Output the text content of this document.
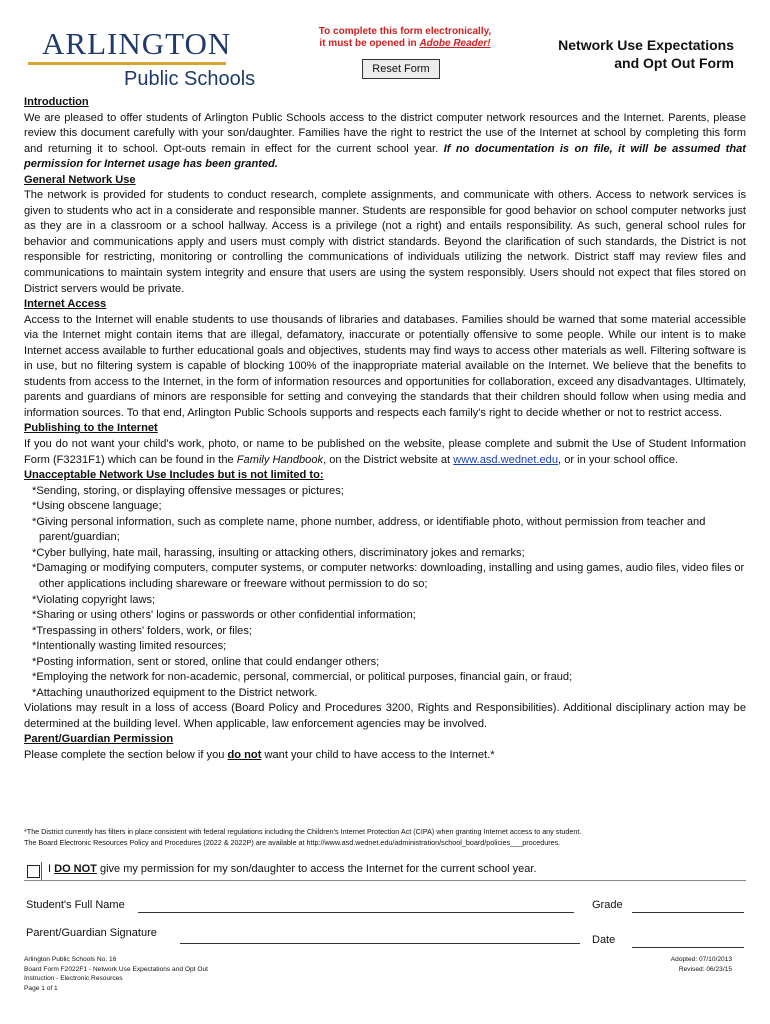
ARLINGTON
Public Schools
To complete this form electronically,
it must be opened in Adobe Reader!
Reset Form
Network Use Expectations
and Opt Out Form
Introduction

We are pleased to offer students of Arlington Public Schools access to the district computer network resources and the Internet. Parents, please review this document carefully with your son/daughter. Families have the right to restrict the use of the Internet at school by completing this form and returning it to school. Opt-outs remain in effect for the current school year. If no documentation is on file, it will be assumed that permission for Internet usage has been granted.

General Network Use

The network is provided for students to conduct research, complete assignments, and communicate with others. Access to network services is given to students who act in a considerate and responsible manner. Students are responsible for good behavior on school computer networks just as they are in a classroom or a school hallway. Access is a privilege (not a right) and entails responsibility. As such, general school rules for behavior and communications apply and users must comply with district standards. Beyond the clarification of such standards, the District is not responsible for restricting, monitoring or controlling the communications of individuals utilizing the network. District staff may review files and communications to maintain system integrity and ensure that users are using the system responsibly. Users should not expect that files stored on District servers would be private.

Internet Access

Access to the Internet will enable students to use thousands of libraries and databases. Families should be warned that some material accessible via the Internet might contain items that are illegal, defamatory, inaccurate or potentially offensive to some people. While our intent is to make Internet access available to further educational goals and objectives, students may find ways to access other materials as well. Filtering software is in use, but no filtering system is capable of blocking 100% of the inappropriate material available on the Internet. We believe that the benefits to students from access to the Internet, in the form of information resources and opportunities for collaboration, exceed any disadvantages. Ultimately, parents and guardians of minors are responsible for setting and conveying the standards that their children should follow when using media and information sources. To that end, Arlington Public Schools supports and respects each family's right to decide whether or not to restrict access.

Publishing to the Internet

If you do not want your child's work, photo, or name to be published on the website, please complete and submit the Use of Student Information Form (F3231F1) which can be found in the Family Handbook, on the District website at www.asd.wednet.edu, or in your school office.

Unacceptable Network Use Includes but is not limited to:
*Sending, storing, or displaying offensive messages or pictures;
*Using obscene language;
*Giving personal information, such as complete name, phone number, address, or identifiable photo, without permission from teacher and parent/guardian;
*Cyber bullying, hate mail, harassing, insulting or attacking others, discriminatory jokes and remarks;
*Damaging or modifying computers, computer systems, or computer networks: downloading, installing and using games, audio files, video files or other applications including shareware or freeware without permission to do so;
*Violating copyright laws;
*Sharing or using others' logins or passwords or other confidential information;
*Trespassing in others' folders, work, or files;
*Intentionally wasting limited resources;
*Posting information, sent or stored, online that could endanger others;
*Employing the network for non-academic, personal, commercial, or political purposes, financial gain, or fraud;
*Attaching unauthorized equipment to the District network.

Violations may result in a loss of access (Board Policy and Procedures 3200, Rights and Responsibilities). Additional disciplinary action may be determined at the building level. When applicable, law enforcement agencies may be involved.

Parent/Guardian Permission

Please complete the section below if you do not want your child to have access to the Internet.*

*The District currently has filters in place consistent with federal regulations including the Children's Internet Protection Act (CIPA) when granting Internet access to any student.
The Board Electronic Resources Policy and Procedures (2022 & 2022P) are available at http://www.asd.wednet.edu/administration/school_board/policies___procedures.
I DO NOT give my permission for my son/daughter to access the Internet for the current school year.
Student's Full Name	Grade
Parent/Guardian Signature
Date
Arlington Public Schools No. 16
Board Form F2022F1 - Network Use Expectations and Opt Out
Instruction - Electronic Resources
Page 1 of 1
Adopted: 07/10/2013
Revised: 06/23/15
